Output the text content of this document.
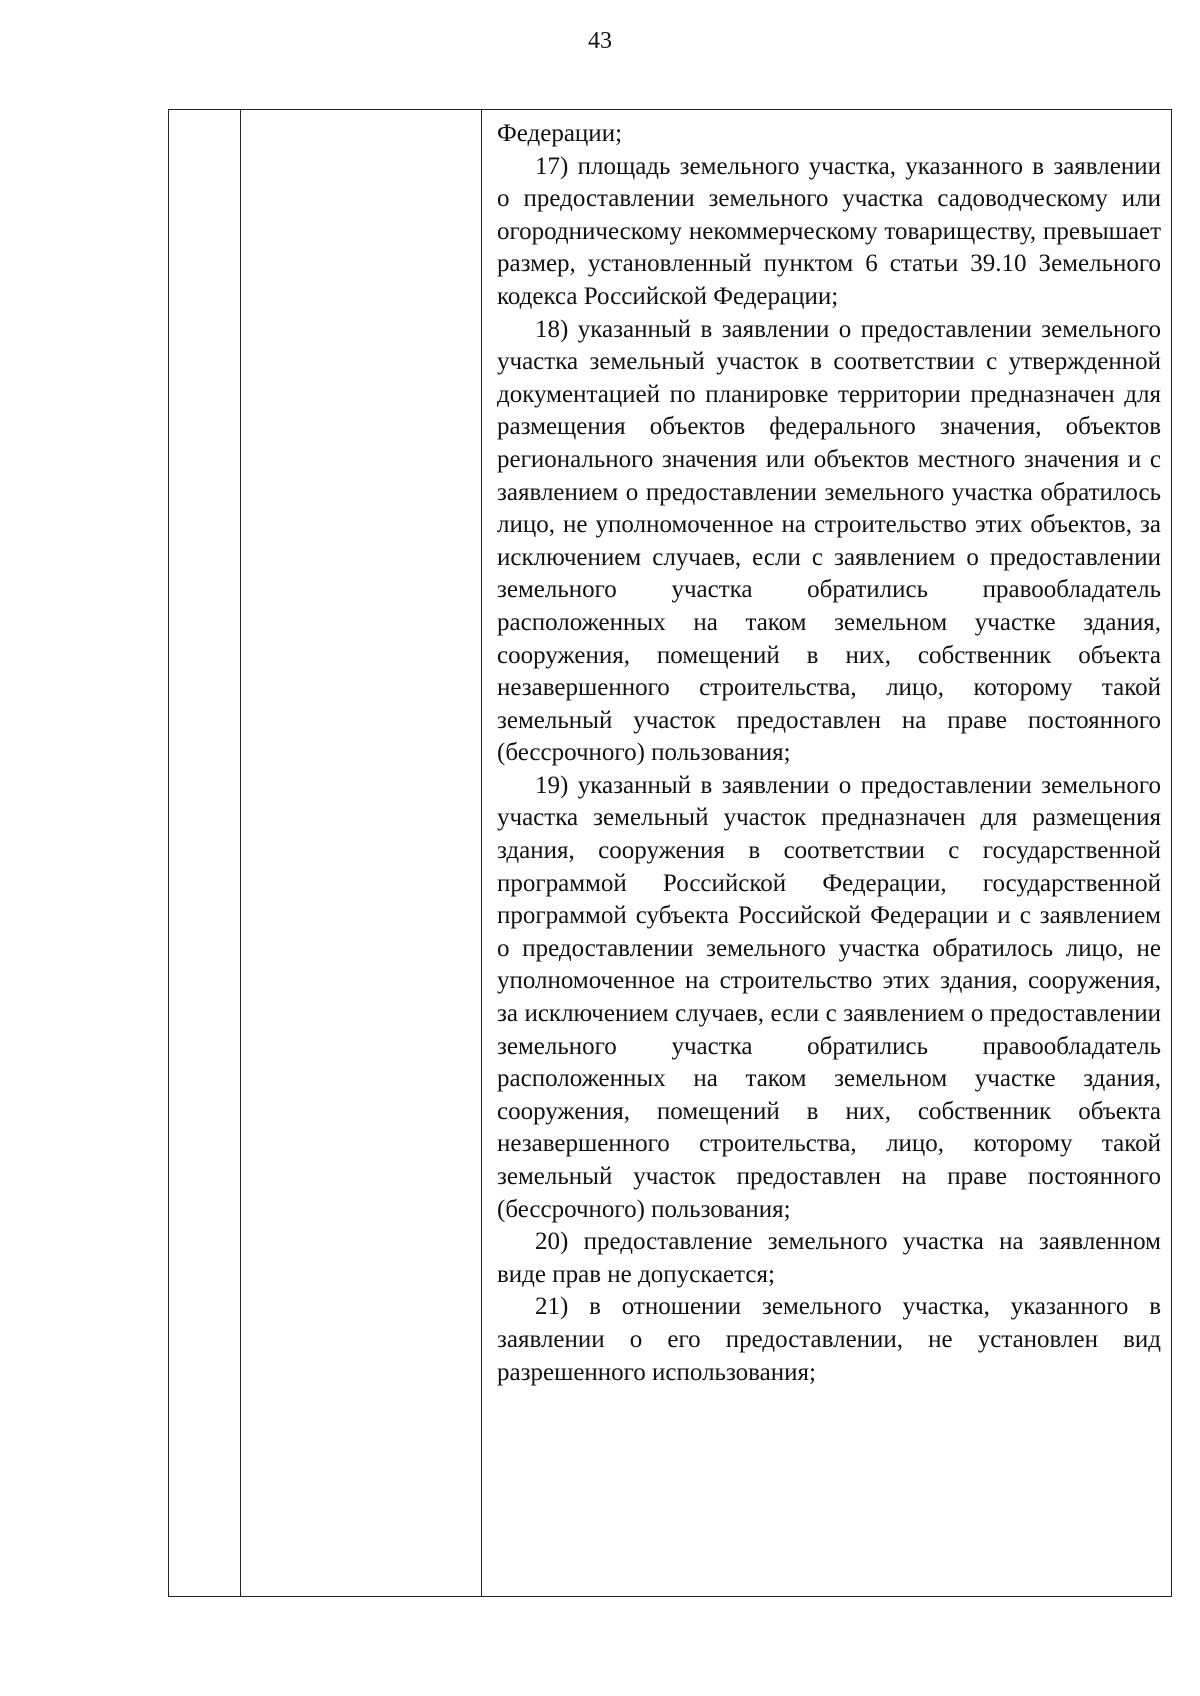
43

Федерации;

17) площадь земельного участка, указанного в заявлении о предоставлении земельного участка садоводческому или огородническому некоммерческому товариществу, превышает размер, установленный пунктом 6 статьи 39.10 Земельного кодекса Российской Федерации;

18) указанный в заявлении о предоставлении земельного участка земельный участок в соответствии с утвержденной документацией по планировке территории предназначен для размещения объектов федерального значения, объектов регионального значения или объектов местного значения и с заявлением о предоставлении земельного участка обратилось лицо, не уполномоченное на строительство этих объектов, за исключением случаев, если с заявлением о предоставлении земельного участка обратились правообладатель расположенных на таком земельном участке здания, сооружения, помещений в них, собственник объекта незавершенного строительства, лицо, которому такой земельный участок предоставлен на праве постоянного (бессрочного) пользования;

19) указанный в заявлении о предоставлении земельного участка земельный участок предназначен для размещения здания, сооружения в соответствии с государственной программой Российской Федерации, государственной программой субъекта Российской Федерации и с заявлением о предоставлении земельного участка обратилось лицо, не уполномоченное на строительство этих здания, сооружения, за исключением случаев, если с заявлением о предоставлении земельного участка обратились правообладатель расположенных на таком земельном участке здания, сооружения, помещений в них, собственник объекта незавершенного строительства, лицо, которому такой земельный участок предоставлен на праве постоянного (бессрочного) пользования;

20) предоставление земельного участка на заявленном виде прав не допускается;

21) в отношении земельного участка, указанного в заявлении о его предоставлении, не установлен вид разрешенного использования;
